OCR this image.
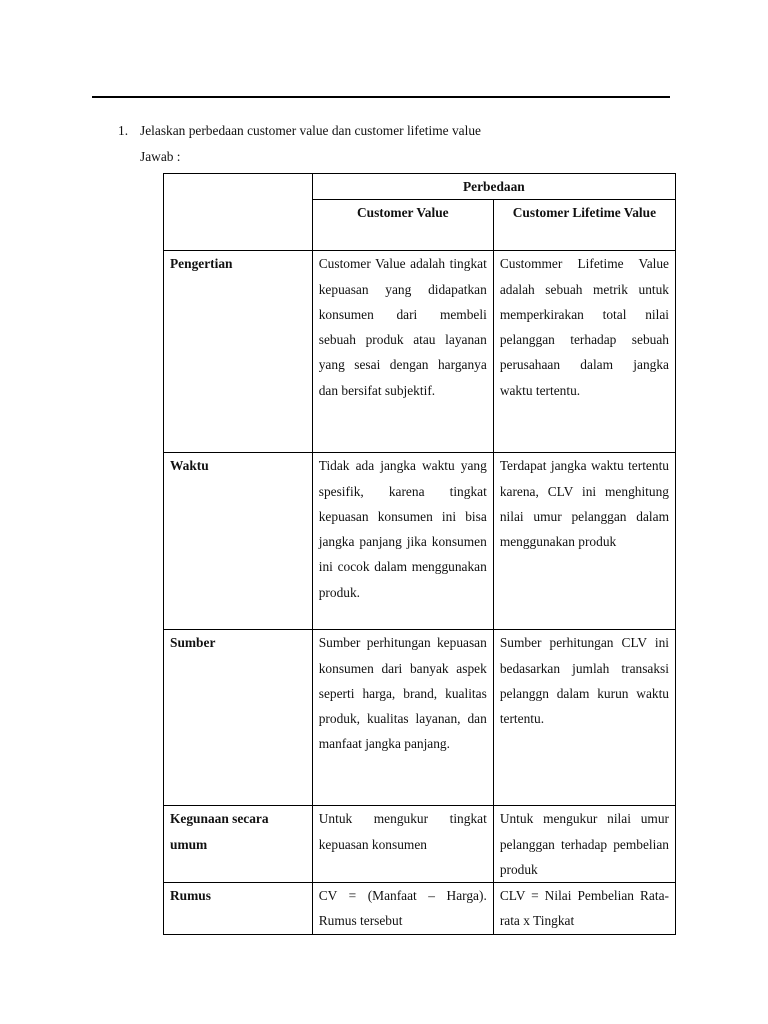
1. Jelaskan perbedaan customer value dan customer lifetime value
Jawab :
	Perbedaan	
	Customer Value	Customer Lifetime Value
Pengertian	Customer Value adalah tingkat kepuasan yang didapatkan konsumen dari membeli sebuah produk atau layanan yang sesai dengan harganya dan bersifat subjektif.	Custommer Lifetime Value adalah sebuah metrik untuk memperkirakan total nilai pelanggan terhadap sebuah perusahaan dalam jangka waktu tertentu.
Waktu	Tidak ada jangka waktu yang spesifik, karena tingkat kepuasan konsumen ini bisa jangka panjang jika konsumen ini cocok dalam menggunakan produk.	Terdapat jangka waktu tertentu karena, CLV ini menghitung nilai umur pelanggan dalam menggunakan produk
Sumber	Sumber perhitungan kepuasan konsumen dari banyak aspek seperti harga, brand, kualitas produk, kualitas layanan, dan manfaat jangka panjang.	Sumber perhitungan CLV ini bedasarkan jumlah transaksi pelanggn dalam kurun waktu tertentu.
Kegunaan secara umum	Untuk mengukur tingkat kepuasan konsumen	Untuk mengukur nilai umur pelanggan terhadap pembelian produk
Rumus	CV = (Manfaat – Harga). Rumus tersebut	CLV = Nilai Pembelian Rata-rata x Tingkat
